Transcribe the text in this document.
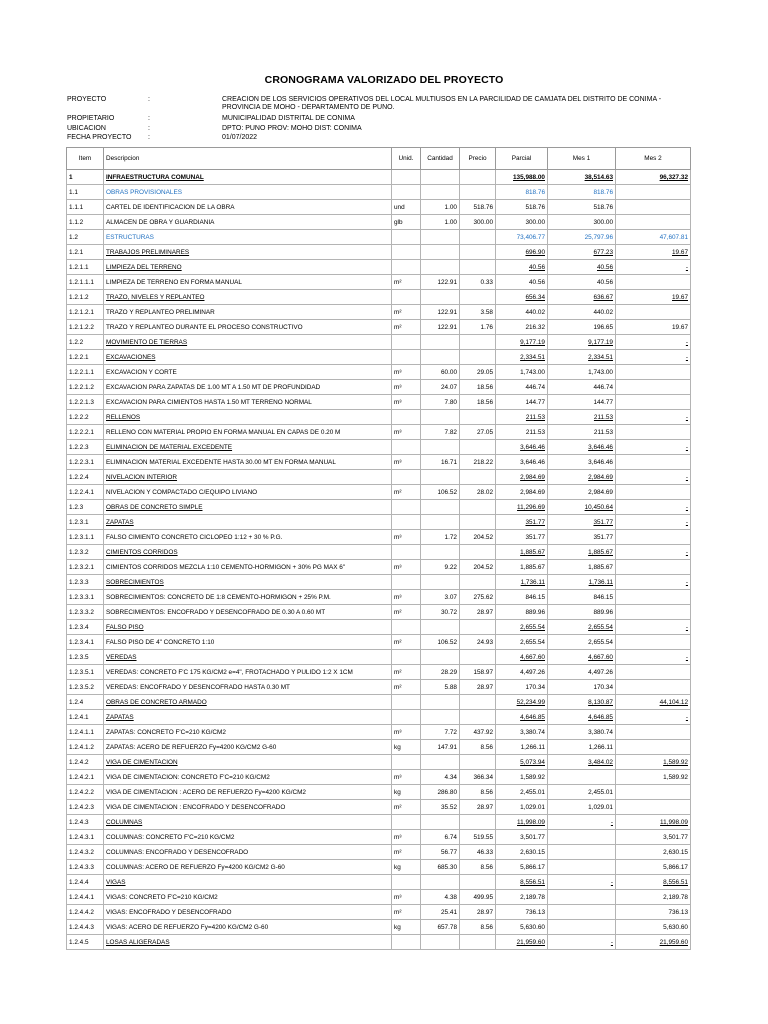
CRONOGRAMA VALORIZADO DEL PROYECTO
PROYECTO	:	CREACION DE LOS SERVICIOS OPERATIVOS DEL LOCAL MULTIUSOS EN LA PARCILIDAD DE CAMJATA DEL DISTRITO DE CONIMA - PROVINCIA DE MOHO - DEPARTAMENTO DE PUNO.
PROPIETARIO	:	MUNICIPALIDAD DISTRITAL DE CONIMA
UBICACION	:	DPTO: PUNO PROV: MOHO DIST: CONIMA
FECHA PROYECTO :	01/07/2022
Item	Descripcion	Unid.	Cantidad	Precio	Parcial	Mes 1	Mes 2
1	INFRAESTRUCTURA COMUNAL				135,988.00	38,514.63	96,327.32
1.1	OBRAS PROVISIONALES				818.76	818.76	
1.1.1	CARTEL DE IDENTIFICACION DE LA OBRA	und	1.00	518.76	518.76	518.76	
1.1.2	ALMACEN DE OBRA Y GUARDIANIA	glb	1.00	300.00	300.00	300.00	
1.2	ESTRUCTURAS				73,406.77	25,797.96	47,607.81
1.2.1	TRABAJOS PRELIMINARES				696.90	677.23	19.67
1.2.1.1	LIMPIEZA DEL TERRENO				40.56	40.56	-
1.2.1.1.1	LIMPIEZA DE TERRENO EN FORMA MANUAL	m²	122.91	0.33	40.56	40.56	
1.2.1.2	TRAZO, NIVELES Y REPLANTEO				656.34	636.67	19.67
1.2.1.2.1	TRAZO Y REPLANTEO PRELIMINAR	m²	122.91	3.58	440.02	440.02	
1.2.1.2.2	TRAZO Y REPLANTEO DURANTE EL PROCESO CONSTRUCTIVO	m²	122.91	1.76	216.32	196.65	19.67
1.2.2	MOVIMIENTO DE TIERRAS				9,177.19	9,177.19	-
1.2.2.1	EXCAVACIONES				2,334.51	2,334.51	-
1.2.2.1.1	EXCAVACION Y CORTE	m³	60.00	29.05	1,743.00	1,743.00	
1.2.2.1.2	EXCAVACION PARA ZAPATAS DE 1.00 MT A 1.50 MT DE PROFUNDIDAD	m³	24.07	18.56	446.74	446.74	
1.2.2.1.3	EXCAVACION PARA CIMIENTOS HASTA 1.50 MT TERRENO NORMAL	m³	7.80	18.56	144.77	144.77	
1.2.2.2	RELLENOS				211.53	211.53	-
1.2.2.2.1	RELLENO CON MATERIAL PROPIO EN FORMA MANUAL EN CAPAS DE 0.20 M	m³	7.82	27.05	211.53	211.53	
1.2.2.3	ELIMINACION DE MATERIAL EXCEDENTE				3,646.46	3,646.46	-
1.2.2.3.1	ELIMINACION MATERIAL EXCEDENTE HASTA 30.00 MT EN FORMA MANUAL	m³	16.71	218.22	3,646.46	3,646.46	
1.2.2.4	NIVELACION INTERIOR				2,984.69	2,984.69	-
1.2.2.4.1	NIVELACION Y COMPACTADO C/EQUIPO LIVIANO	m²	106.52	28.02	2,984.69	2,984.69	
1.2.3	OBRAS DE CONCRETO SIMPLE				11,296.69	10,450.64	-
1.2.3.1	ZAPATAS				351.77	351.77	-
1.2.3.1.1	FALSO CIMIENTO CONCRETO CICLOPEO 1:12 + 30 % P.G.	m³	1.72	204.52	351.77	351.77	
1.2.3.2	CIMIENTOS CORRIDOS				1,885.67	1,885.67	-
1.2.3.2.1	CIMIENTOS CORRIDOS MEZCLA 1:10 CEMENTO-HORMIGON + 30% PG MAX 6"	m³	9.22	204.52	1,885.67	1,885.67	
1.2.3.3	SOBRECIMIENTOS				1,736.11	1,736.11	-
1.2.3.3.1	SOBRECIMIENTOS: CONCRETO DE 1:8 CEMENTO-HORMIGON + 25% P.M.	m³	3.07	275.62	846.15	846.15	
1.2.3.3.2	SOBRECIMIENTOS: ENCOFRADO Y DESENCOFRADO DE 0.30 A 0.60 MT	m²	30.72	28.97	889.96	889.96	
1.2.3.4	FALSO PISO				2,655.54	2,655.54	-
1.2.3.4.1	FALSO PISO DE 4" CONCRETO 1:10	m²	106.52	24.93	2,655.54	2,655.54	
1.2.3.5	VEREDAS				4,667.60	4,667.60	-
1.2.3.5.1	VEREDAS: CONCRETO F'C 175 KG/CM2 e=4", FROTACHADO Y PULIDO 1:2 X 1CM	m²	28.29	158.97	4,497.26	4,497.26	
1.2.3.5.2	VEREDAS: ENCOFRADO Y DESENCOFRADO HASTA 0.30 MT	m²	5.88	28.97	170.34	170.34	
1.2.4	OBRAS DE CONCRETO ARMADO				52,234.99	8,130.87	44,104.12
1.2.4.1	ZAPATAS				4,646.85	4,646.85	-
1.2.4.1.1	ZAPATAS: CONCRETO F'C=210 KG/CM2	m³	7.72	437.92	3,380.74	3,380.74	
1.2.4.1.2	ZAPATAS: ACERO DE REFUERZO Fy=4200 KG/CM2 G-60	kg	147.91	8.56	1,266.11	1,266.11	
1.2.4.2	VIGA DE CIMENTACION				5,073.94	3,484.02	1,589.92
1.2.4.2.1	VIGA DE CIMENTACION: CONCRETO F'C=210 KG/CM2	m³	4.34	366.34	1,589.92		1,589.92
1.2.4.2.2	VIGA DE CIMENTACION : ACERO DE REFUERZO Fy=4200 KG/CM2	kg	286.80	8.56	2,455.01	2,455.01	
1.2.4.2.3	VIGA DE CIMENTACION : ENCOFRADO Y DESENCOFRADO	m²	35.52	28.97	1,029.01	1,029.01	
1.2.4.3	COLUMNAS				11,998.09	-	11,998.09
1.2.4.3.1	COLUMNAS: CONCRETO F'C=210 KG/CM2	m³	6.74	519.55	3,501.77		3,501.77
1.2.4.3.2	COLUMNAS: ENCOFRADO Y DESENCOFRADO	m²	56.77	46.33	2,630.15		2,630.15
1.2.4.3.3	COLUMNAS: ACERO DE REFUERZO Fy=4200 KG/CM2 G-60	kg	685.30	8.56	5,866.17		5,866.17
1.2.4.4	VIGAS				8,556.51	-	8,556.51
1.2.4.4.1	VIGAS: CONCRETO F'C=210 KG/CM2	m³	4.38	499.95	2,189.78		2,189.78
1.2.4.4.2	VIGAS: ENCOFRADO Y DESENCOFRADO	m²	25.41	28.97	736.13		736.13
1.2.4.4.3	VIGAS: ACERO DE REFUERZO Fy=4200 KG/CM2 G-60	kg	657.78	8.56	5,630.60		5,630.60
1.2.4.5	LOSAS ALIGERADAS				21,959.60	-	21,959.60
